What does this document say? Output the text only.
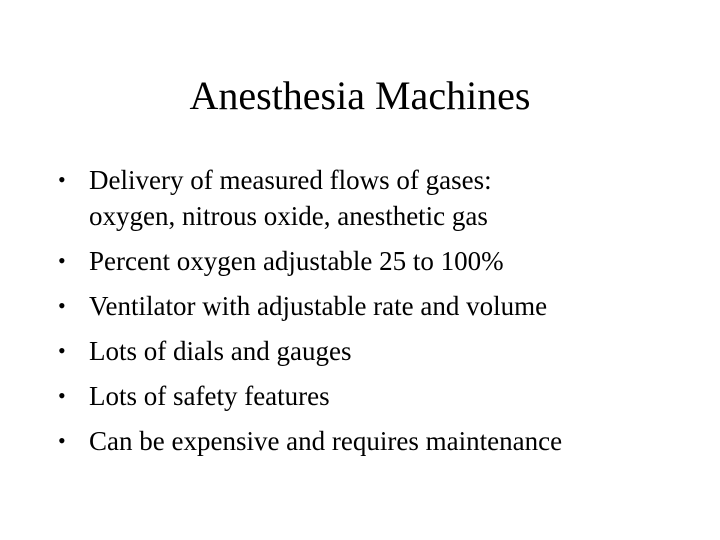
Anesthesia Machines
• Delivery of measured flows of gases:
oxygen, nitrous oxide, anesthetic gas
• Percent oxygen adjustable 25 to 100%
• Ventilator with adjustable rate and volume
• Lots of dials and gauges
• Lots of safety features
• Can be expensive and requires maintenance
